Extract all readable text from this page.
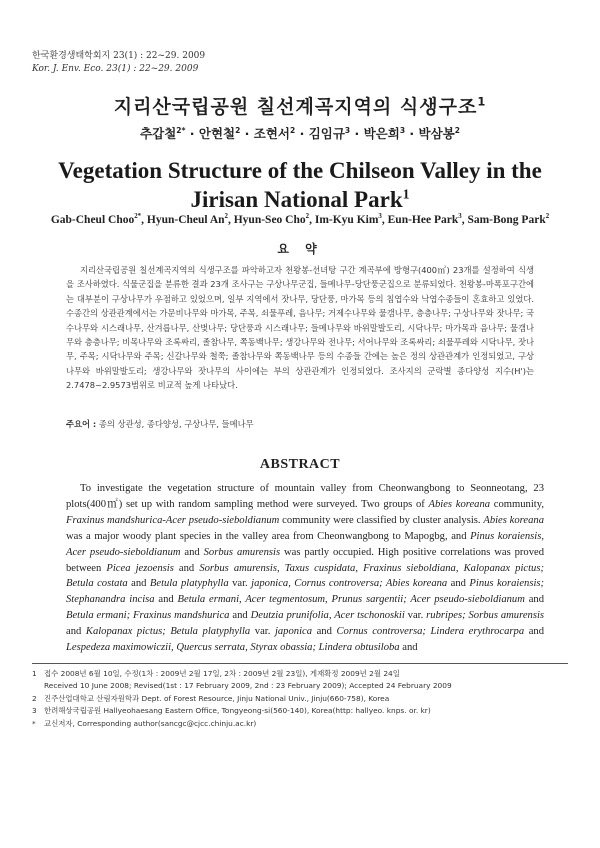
한국환경생태학회지 23(1) : 22~29. 2009
Kor. J. Env. Eco. 23(1) : 22~29. 2009
지리산국립공원 칠선계곡지역의 식생구조$^1$
추갑철$^{2*}$ · 안현철$^2$ · 조현서$^2$ · 김임규$^3$ · 박은희$^3$ · 박삼봉$^2$
Vegetation Structure of the Chilseon Valley in the Jirisan National Park$^1$
Gab-Cheul Choo$^{2*}$, Hyun-Cheul An$^2$, Hyun-Seo Cho$^2$, Im-Kyu Kim$^3$, Eun-Hee Park$^3$, Sam-Bong Park$^2$
요 약

지리산국립공원 칠선계곡지역의 식생구조를 파악하고자 천왕봉-선녀탕 구간 계곡부에 방형구(400㎡) 23개를 설정하여 식생을 조사하였다. 식물군집을 분류한 결과 23개 조사구는 구상나무군집, 들메나무-당단풍군집으로 분류되었다. 천왕봉-마폭포구간에는 대부분이 구상나무가 우점하고 있었으며, 일부 지역에서 잣나무, 당단풍, 마가목 등의 침엽수와 낙엽수종들이 혼효하고 있었다. 수종간의 상관관계에서는 가문비나무와 마가목, 주목, 쇠물푸레, 음나무; 거제수나무와 물갬나무, 층층나무; 구상나무와 잣나무; 국수나무와 시스래나무, 산겨릅나무, 산벚나무; 당단풍과 시스래나무; 들메나무와 바위말발도리, 시닥나무; 마가목과 음나무; 물갬나무와 층층나무; 비목나무와 조록싸리, 졸참나무, 쪽동백나무; 생강나무와 전나무; 서어나무와 조록싸리; 쇠물푸레와 시닥나무, 잣나무, 주목; 시닥나무와 주목; 신갈나무와 철쭉; 졸참나무와 쪽동백나무 등의 수종들 간에는 높은 정의 상관관계가 인정되었고, 구상나무와 바위말발도리; 생강나무와 잣나무의 사이에는 부의 상관관계가 인정되었다. 조사지의 군락별 종다양성 지수(H')는 2.7478~2.9573범위로 비교적 높게 나타났다.

주요어 : 종의 상관성, 종다양성, 구상나무, 들메나무
ABSTRACT

To investigate the vegetation structure of mountain valley from Cheonwangbong to Seonneotang, 23 plots(400㎡) set up with random sampling method were surveyed. Two groups of Abies koreana community, Fraxinus mandshurica-Acer pseudo-sieboldianum community were classified by cluster analysis. Abies koreana was a major woody plant species in the valley area from Cheonwangbong to Mapogbg, and Pinus koraiensis, Acer pseudo-sieboldianum and Sorbus amurensis was partly occupied. High positive correlations was proved between Picea jezoensis and Sorbus amurensis, Taxus cuspidata, Fraxinus sieboldiana, Kalopanax pictus; Betula costata and Betula platyphylla var. japonica, Cornus controversa; Abies koreana and Pinus koraiensis; Stephanandra incisa and Betula ermani, Acer tegmentosum, Prunus sargentii; Acer pseudo-sieboldianum and Betula ermani; Fraxinus mandshurica and Deutzia prunifolia, Acer tschonoskii var. rubripes; Sorbus amurensis and Kalopanax pictus; Betula platyphylla var. japonica and Cornus controversa; Lindera erythrocarpa and Lespedeza maximowiczii, Quercus serrata, Styrax obassia; Lindera obtusiloba and

1 접수 2008년 6월 10일, 수정(1차 : 2009년 2월 17일, 2차 : 2009년 2월 23일), 게재확정 2009년 2월 24일
Received 10 June 2008; Revised(1st : 17 February 2009, 2nd : 23 February 2009); Accepted 24 February 2009
2 진주산업대학교 산림자원학과 Dept. of Forest Resource, Jinju National Univ., Jinju(660-758), Korea
3 한려해상국립공원 Hallyeohaesang Eastern Office, Tongyeong-si(560-140), Korea(http: hallyeo. knps. or. kr)
*	교신저자, Corresponding author(sancgc@cjcc.chinju.ac.kr)
